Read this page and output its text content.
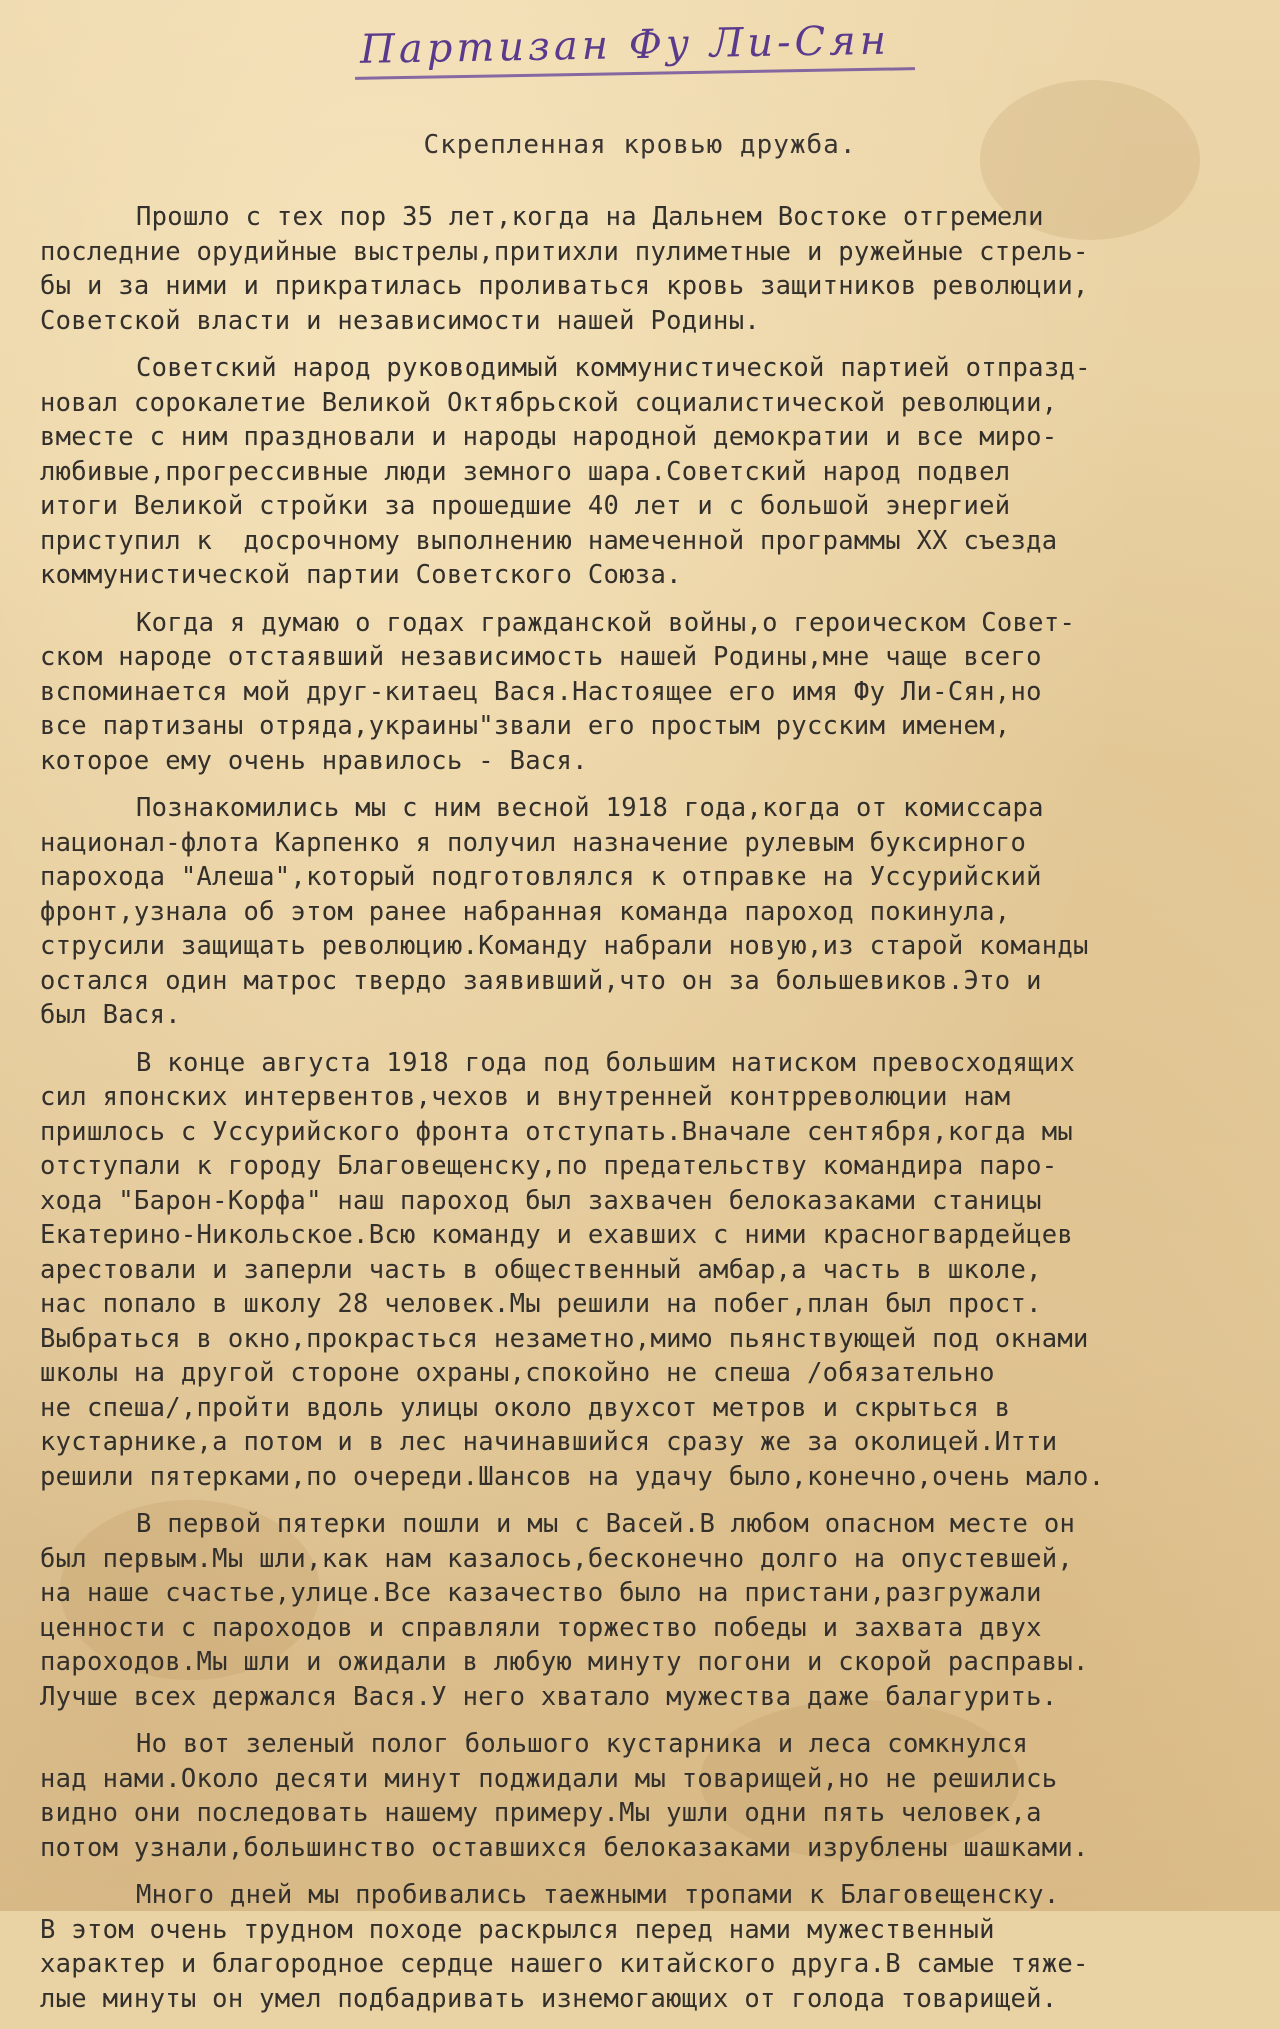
Партизан Фу Ли-Сян
Скрепленная кровью дружба.
Прошло с тех пор 35 лет,когда на Дальнем Востоке отгремели
последние орудийные выстрелы,притихли пулиметные и ружейные стрель-
бы и за ними и прикратилась проливаться кровь защитников революции,
Советской власти и независимости нашей Родины.
Советский народ руководимый коммунистической партией отпразд-
новал сорокалетие Великой Октябрьской социалистической революции,
вместе с ним праздновали и народы народной демократии и все миро-
любивые,прогрессивные люди земного шара.Советский народ подвел
итоги Великой стройки за прошедшие 40 лет и с большой энергией
приступил к  досрочному выполнению намеченной программы ХХ съезда
коммунистической партии Советского Союза.
Когда я думаю о годах гражданской войны,о героическом Совет-
ском народе отстаявший независимость нашей Родины,мне чаще всего
вспоминается мой друг-китаец Вася.Настоящее его имя Фу Ли-Сян,но
все партизаны отряда,украины"звали его простым русским именем,
которое ему очень нравилось - Вася.
Познакомились мы с ним весной 1918 года,когда от комиссара
национал-флота Карпенко я получил назначение рулевым буксирного
парохода "Алеша",который подготовлялся к отправке на Уссурийский
фронт,узнала об этом ранее набранная команда пароход покинула,
струсили защищать революцию.Команду набрали новую,из старой команды
остался один матрос твердо заявивший,что он за большевиков.Это и
был Вася.
В конце августа 1918 года под большим натиском превосходящих
сил японских интервентов,чехов и внутренней контрреволюции нам
пришлось с Уссурийского фронта отступать.Вначале сентября,когда мы
отступали к городу Благовещенску,по предательству командира паро-
хода "Барон-Корфа" наш пароход был захвачен белоказаками станицы
Екатерино-Никольское.Всю команду и ехавших с ними красногвардейцев
арестовали и заперли часть в общественный амбар,а часть в школе,
нас попало в школу 28 человек.Мы решили на побег,план был прост.
Выбраться в окно,прокрасться незаметно,мимо пьянствующей под окнами
школы на другой стороне охраны,спокойно не спеша /обязательно
не спеша/,пройти вдоль улицы около двухсот метров и скрыться в
кустарнике,а потом и в лес начинавшийся сразу же за околицей.Итти
решили пятерками,по очереди.Шансов на удачу было,конечно,очень мало.
В первой пятерки пошли и мы с Васей.В любом опасном месте он
был первым.Мы шли,как нам казалось,бесконечно долго на опустевшей,
на наше счастье,улице.Все казачество было на пристани,разгружали
ценности с пароходов и справляли торжество победы и захвата двух
пароходов.Мы шли и ожидали в любую минуту погони и скорой расправы.
Лучше всех держался Вася.У него хватало мужества даже балагурить.
Но вот зеленый полог большого кустарника и леса сомкнулся
над нами.Около десяти минут поджидали мы товарищей,но не решились
видно они последовать нашему примеру.Мы ушли одни пять человек,а
потом узнали,большинство оставшихся белоказаками изрублены шашками.
Много дней мы пробивались таежными тропами к Благовещенску.
В этом очень трудном походе раскрылся перед нами мужественный
характер и благородное сердце нашего китайского друга.В самые тяже-
лые минуты он умел подбадривать изнемогающих от голода товарищей.
